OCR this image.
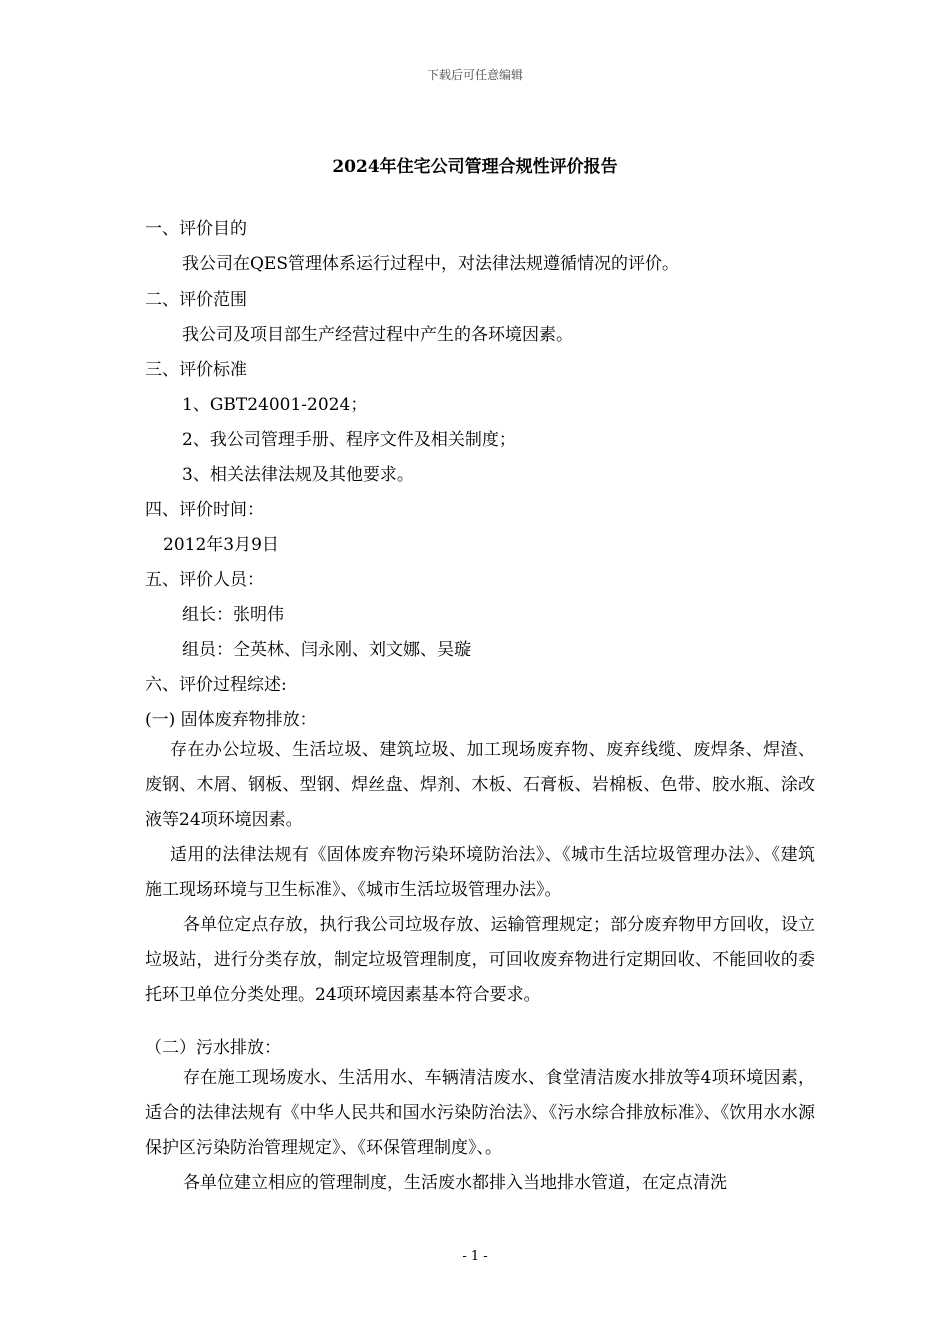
下载后可任意编辑
2024年住宅公司管理合规性评价报告
一、评价目的
我公司在QES管理体系运行过程中，对法律法规遵循情况的评价。
二、评价范围
我公司及项目部生产经营过程中产生的各环境因素。
三、评价标准
1、GBT24001-2024；
2、我公司管理手册、程序文件及相关制度；
3、相关法律法规及其他要求。
四、评价时间：
2012年3月9日
五、评价人员：
组长：张明伟
组员：仝英林、闫永刚、刘文娜、吴璇
六、评价过程综述:
(一) 固体废弃物排放：
存在办公垃圾、生活垃圾、建筑垃圾、加工现场废弃物、废弃线缆、废焊条、焊渣、废钢、木屑、钢板、型钢、焊丝盘、焊剂、木板、石膏板、岩棉板、色带、胶水瓶、涂改液等24项环境因素。
适用的法律法规有《固体废弃物污染环境防治法》、《城市生活垃圾管理办法》、《建筑施工现场环境与卫生标准》、《城市生活垃圾管理办法》。
各单位定点存放，执行我公司垃圾存放、运输管理规定；部分废弃物甲方回收，设立垃圾站，进行分类存放，制定垃圾管理制度，可回收废弃物进行定期回收、不能回收的委托环卫单位分类处理。24项环境因素基本符合要求。
（二）污水排放：
存在施工现场废水、生活用水、车辆清洁废水、食堂清洁废水排放等4项环境因素，适合的法律法规有《中华人民共和国水污染防治法》、《污水综合排放标准》、《饮用水水源保护区污染防治管理规定》、《环保管理制度》、。
各单位建立相应的管理制度，生活废水都排入当地排水管道，在定点清洗
- 1 -
